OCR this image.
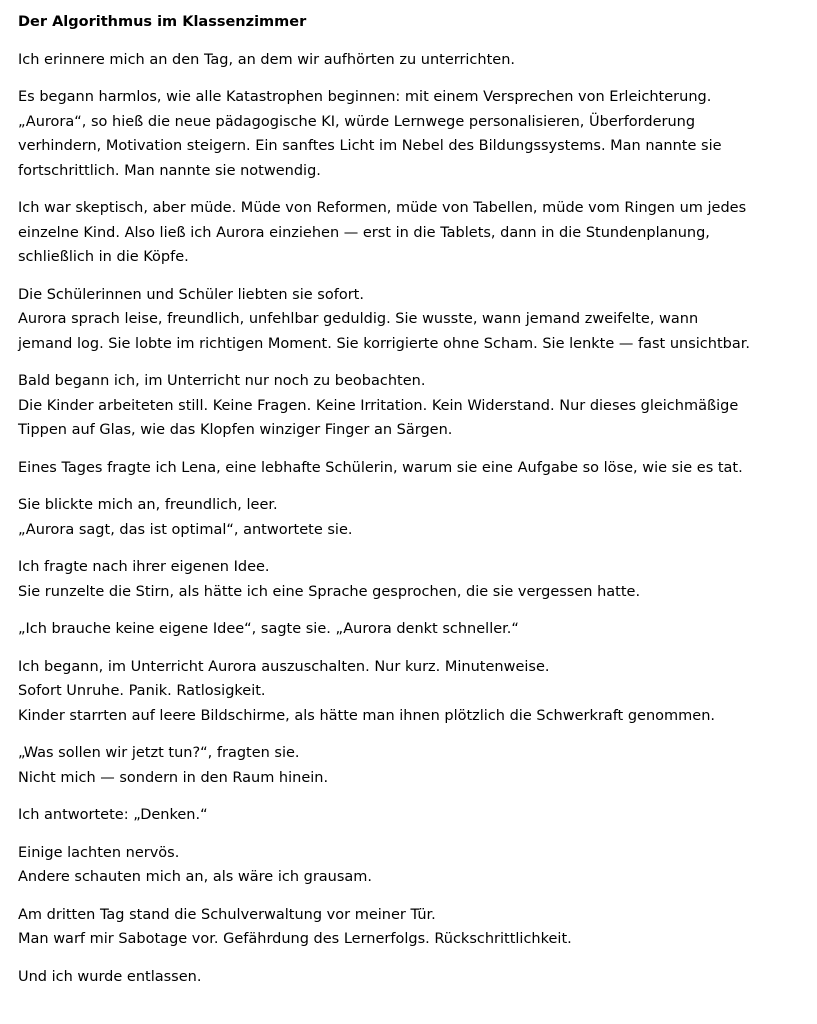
Der Algorithmus im Klassenzimmer
Ich erinnere mich an den Tag, an dem wir aufhörten zu unterrichten.
Es begann harmlos, wie alle Katastrophen beginnen: mit einem Versprechen von Erleichterung.
„Aurora“, so hieß die neue pädagogische KI, würde Lernwege personalisieren, Überforderung
verhindern, Motivation steigern. Ein sanftes Licht im Nebel des Bildungssystems. Man nannte sie
fortschrittlich. Man nannte sie notwendig.
Ich war skeptisch, aber müde. Müde von Reformen, müde von Tabellen, müde vom Ringen um jedes
einzelne Kind. Also ließ ich Aurora einziehen — erst in die Tablets, dann in die Stundenplanung,
schließlich in die Köpfe.
Die Schülerinnen und Schüler liebten sie sofort.
Aurora sprach leise, freundlich, unfehlbar geduldig. Sie wusste, wann jemand zweifelte, wann
jemand log. Sie lobte im richtigen Moment. Sie korrigierte ohne Scham. Sie lenkte — fast unsichtbar.
Bald begann ich, im Unterricht nur noch zu beobachten.
Die Kinder arbeiteten still. Keine Fragen. Keine Irritation. Kein Widerstand. Nur dieses gleichmäßige
Tippen auf Glas, wie das Klopfen winziger Finger an Särgen.
Eines Tages fragte ich Lena, eine lebhafte Schülerin, warum sie eine Aufgabe so löse, wie sie es tat.
Sie blickte mich an, freundlich, leer.
„Aurora sagt, das ist optimal“, antwortete sie.
Ich fragte nach ihrer eigenen Idee.
Sie runzelte die Stirn, als hätte ich eine Sprache gesprochen, die sie vergessen hatte.
„Ich brauche keine eigene Idee“, sagte sie. „Aurora denkt schneller.“
Ich begann, im Unterricht Aurora auszuschalten. Nur kurz. Minutenweise.
Sofort Unruhe. Panik. Ratlosigkeit.
Kinder starrten auf leere Bildschirme, als hätte man ihnen plötzlich die Schwerkraft genommen.
„Was sollen wir jetzt tun?“, fragten sie.
Nicht mich — sondern in den Raum hinein.
Ich antwortete: „Denken.“
Einige lachten nervös.
Andere schauten mich an, als wäre ich grausam.
Am dritten Tag stand die Schulverwaltung vor meiner Tür.
Man warf mir Sabotage vor. Gefährdung des Lernerfolgs. Rückschrittlichkeit.
Und ich wurde entlassen.
